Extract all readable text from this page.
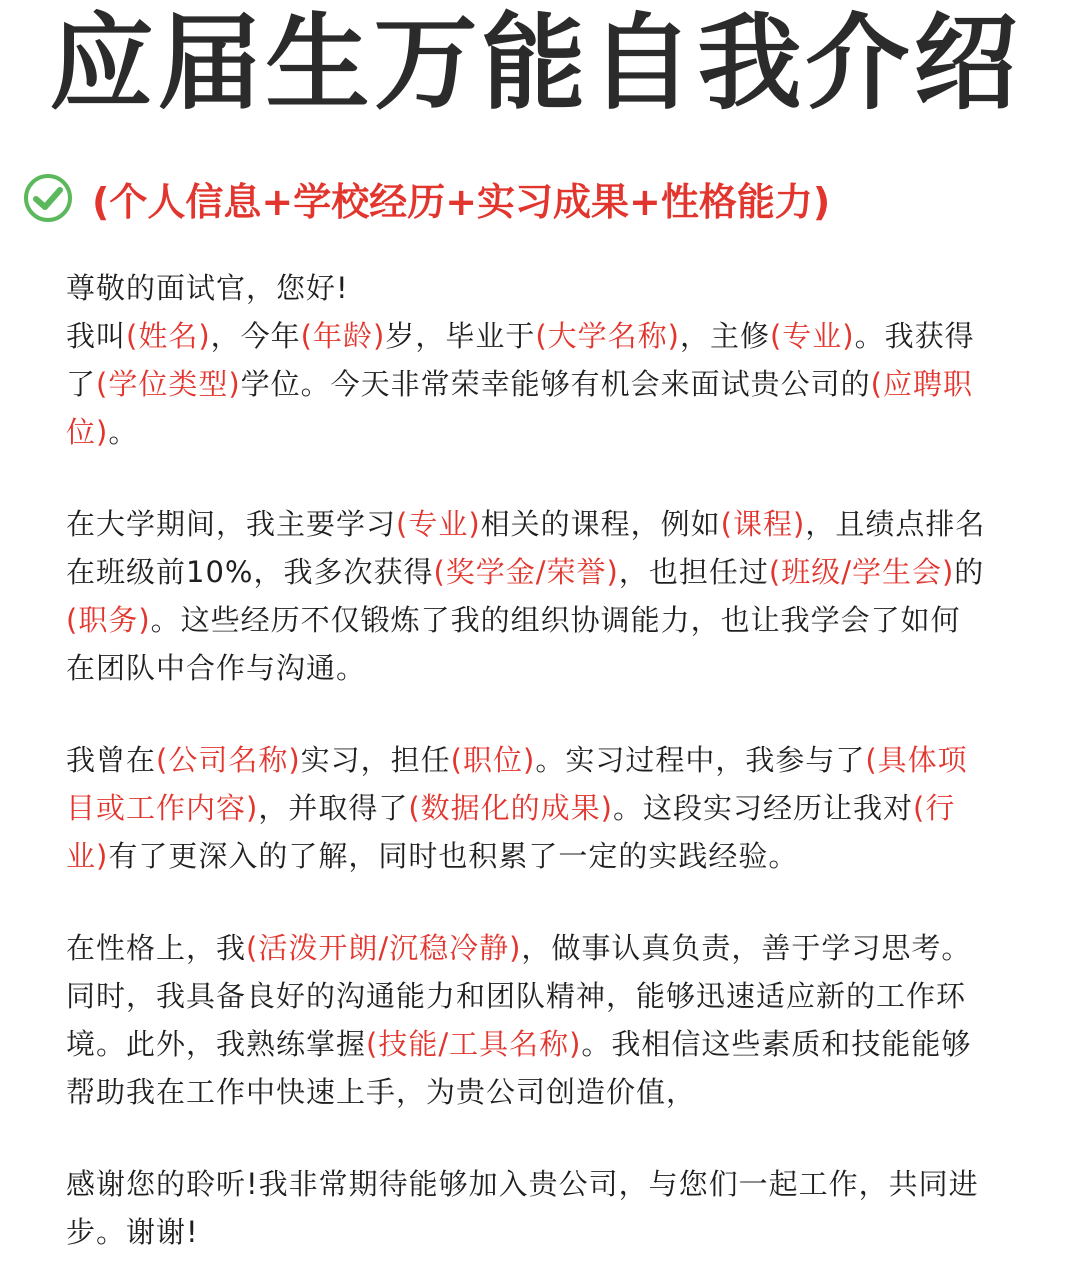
应届生万能自我介绍
(个人信息+学校经历+实习成果+性格能力)

尊敬的面试官，您好!
我叫(姓名)，今年(年龄)岁，毕业于(大学名称)，主修(专业)。我获得了(学位类型)学位。今天非常荣幸能够有机会来面试贵公司的(应聘职位)。

在大学期间，我主要学习(专业)相关的课程，例如(课程)，且绩点排名在班级前10%，我多次获得(奖学金/荣誉)，也担任过(班级/学生会)的(职务)。这些经历不仅锻炼了我的组织协调能力，也让我学会了如何在团队中合作与沟通。

我曾在(公司名称)实习，担任(职位)。实习过程中，我参与了(具体项目或工作内容)，并取得了(数据化的成果)。这段实习经历让我对(行业)有了更深入的了解，同时也积累了一定的实践经验。

在性格上，我(活泼开朗/沉稳冷静)，做事认真负责，善于学习思考。同时，我具备良好的沟通能力和团队精神，能够迅速适应新的工作环境。此外，我熟练掌握(技能/工具名称)。我相信这些素质和技能能够帮助我在工作中快速上手，为贵公司创造价值，

感谢您的聆听!我非常期待能够加入贵公司，与您们一起工作，共同进步。谢谢!
